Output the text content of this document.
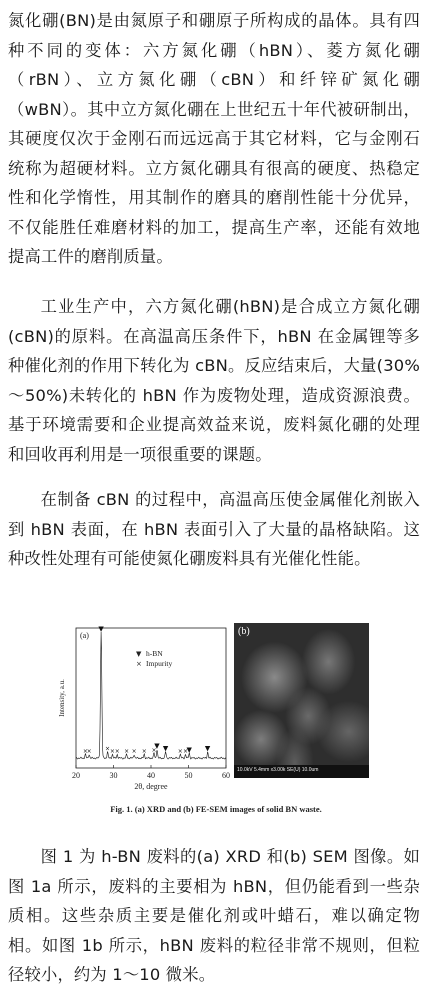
氮化硼(BN)是由氮原子和硼原子所构成的晶体。具有四种不同的变体：六方氮化硼（hBN）、菱方氮化硼（rBN）、立方氮化硼（cBN）和纤锌矿氮化硼（wBN）。其中立方氮化硼在上世纪五十年代被研制出，其硬度仅次于金刚石而远远高于其它材料，它与金刚石统称为超硬材料。立方氮化硼具有很高的硬度、热稳定性和化学惰性，用其制作的磨具的磨削性能十分优异，不仅能胜任难磨材料的加工，提高生产率，还能有效地提高工件的磨削质量。

工业生产中，六方氮化硼(hBN)是合成立方氮化硼(cBN)的原料。在高温高压条件下，hBN 在金属锂等多种催化剂的作用下转化为 cBN。反应结束后，大量(30%～50%)未转化的 hBN 作为废物处理，造成资源浪费。基于环境需要和企业提高效益来说，废料氮化硼的处理和回收再利用是一项很重要的课题。

在制备 cBN 的过程中，高温高压使金属催化剂嵌入到 hBN 表面，在 hBN 表面引入了大量的晶格缺陷。这种改性处理有可能使氮化硼废料具有光催化性能。

20	30	40	50	60
2θ, degree
Intensity, a.u.
(a)
▼ h-BN
× Impurity
×
×
▼
× × × × × × ×
▼ ▼ × ×
▼ ▼
(b)
10.0kV 5.4mm x3.00k SE(U) 10.0um
Fig. 1. (a) XRD and (b) FE-SEM images of solid BN waste.

图 1 为 h-BN 废料的(a) XRD 和(b) SEM 图像。如图 1a 所示，废料的主要相为 hBN，但仍能看到一些杂质相。这些杂质主要是催化剂或叶蜡石，难以确定物相。如图 1b 所示，hBN 废料的粒径非常不规则，但粒径较小，约为 1～10 微米。
